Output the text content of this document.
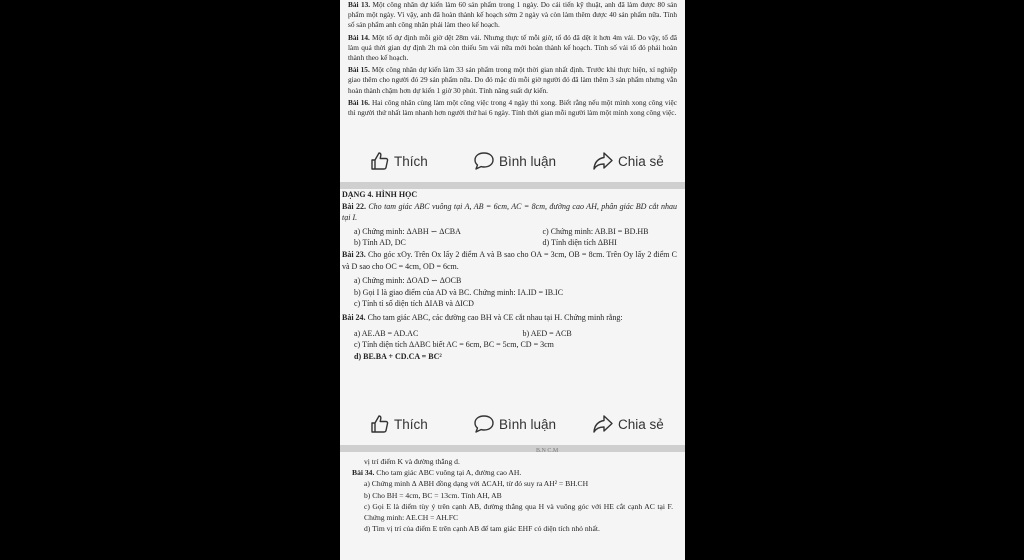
Bài 13. Một công nhân dự kiến làm 60 sản phẩm trong 1 ngày. Do cải tiến kỹ thuật, anh đã làm được 80 sản phẩm một ngày. Vì vậy, anh đã hoàn thành kế hoạch sớm 2 ngày và còn làm thêm được 40 sản phẩm nữa. Tính số sản phẩm anh công nhân phải làm theo kế hoạch.

Bài 14. Một tổ dự định mỗi giờ dệt 28m vải. Nhưng thực tế mỗi giờ, tổ đó đã dệt ít hơn 4m vải. Do vậy, tổ đã làm quá thời gian dự định 2h mà còn thiếu 5m vải nữa mới hoàn thành kế hoạch. Tính số vải tổ đó phải hoàn thành theo kế hoạch.

Bài 15. Một công nhân dự kiến làm 33 sản phẩm trong một thời gian nhất định. Trước khi thực hiện, xí nghiệp giao thêm cho người đó 29 sản phẩm nữa. Do đó mặc dù mỗi giờ người đó đã làm thêm 3 sản phẩm nhưng vẫn hoàn thành chậm hơn dự kiến 1 giờ 30 phút. Tính năng suất dự kiến.

Bài 16. Hai công nhân cùng làm một công việc trong 4 ngày thì xong. Biết rằng nếu một mình xong công việc thì người thứ nhất làm nhanh hơn người thứ hai 6 ngày. Tính thời gian mỗi người làm một mình xong công việc.

Thích	Bình luận	Chia sẻ

DẠNG 4. HÌNH HỌC

Bài 22. Cho tam giác ABC vuông tại A, AB = 6cm, AC = 8cm, đường cao AH, phân giác BD cắt nhau tại I.

a) Chứng minh: ΔABH ∽ ΔCBA	c) Chứng minh: AB.BI = BD.HB

b) Tính AD, DC	d) Tính diện tích ΔBHI

Bài 23. Cho góc xOy. Trên Ox lấy 2 điểm A và B sao cho OA = 3cm, OB = 8cm. Trên Oy lấy 2 điểm C và D sao cho OC = 4cm, OD = 6cm.

a) Chứng minh: ΔOAD ∽ ΔOCB

b) Gọi I là giao điểm của AD và BC. Chứng minh: IA.ID = IB.IC

c) Tính tỉ số diện tích ΔIAB và ΔICD

Bài 24. Cho tam giác ABC, các đường cao BH và CE cắt nhau tại H. Chứng minh rằng:

a) AE.AB = AD.AC	b) AED = ACB

c) Tính diện tích ΔABC biết AC = 6cm, BC = 5cm, CD = 3cm

d) BE.BA + CD.CA = BC²

Thích	Bình luận	Chia sẻ
B.N C.M

vị trí điểm K và đường thẳng d.

Bài 34. Cho tam giác ABC vuông tại A, đường cao AH.

a) Chứng minh Δ ABH đồng dạng với ΔCAH, từ đó suy ra AH² = BH.CH

b) Cho BH = 4cm, BC = 13cm. Tính AH, AB

c) Gọi E là điểm tùy ý trên cạnh AB, đường thẳng qua H và vuông góc với HE cắt cạnh AC tại F. Chứng minh: AE.CH = AH.FC

d) Tìm vị trí của điểm E trên cạnh AB để tam giác EHF có diện tích nhỏ nhất.
